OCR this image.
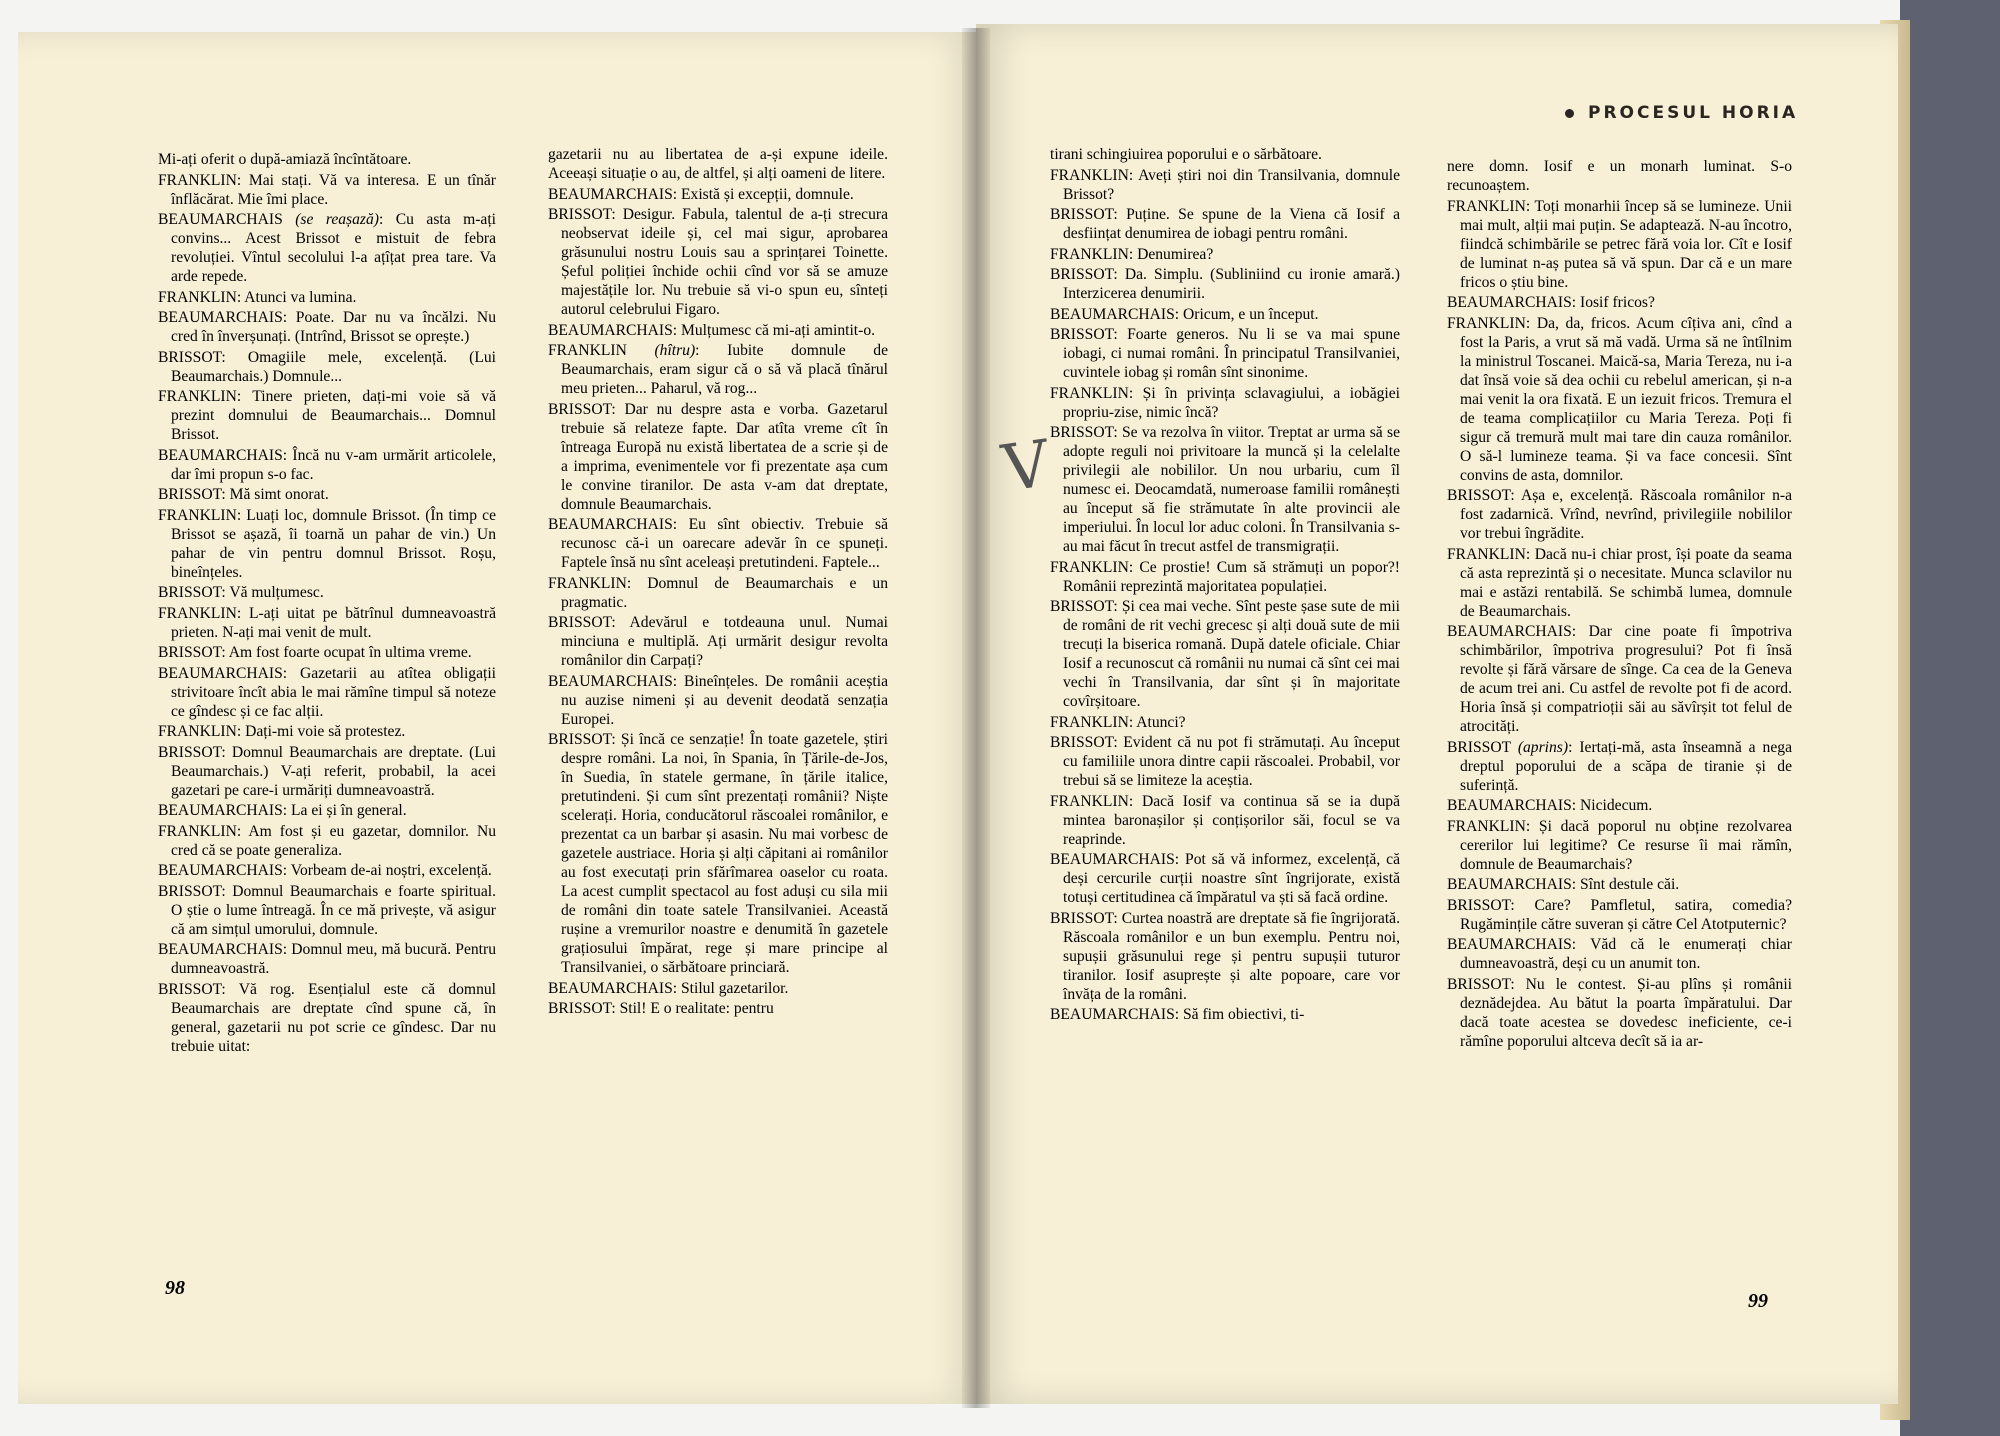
PROCESUL HORIA

Mi-ați oferit o după-amiază încîntătoare.

FRANKLIN: Mai stați. Vă va interesa. E un tînăr înflăcărat. Mie îmi place.

BEAUMARCHAIS (se reașază): Cu asta m-ați convins... Acest Brissot e mistuit de febra revoluției. Vîntul secolului l-a ațîțat prea tare. Va arde repede.

FRANKLIN: Atunci va lumina.

BEAUMARCHAIS: Poate. Dar nu va încălzi. Nu cred în înverșunați. (Intrînd, Brissot se oprește.)

BRISSOT: Omagiile mele, excelență. (Lui Beaumarchais.) Domnule...

FRANKLIN: Tinere prieten, dați-mi voie să vă prezint domnului de Beaumarchais... Domnul Brissot.

BEAUMARCHAIS: Încă nu v-am urmărit articolele, dar îmi propun s-o fac.

BRISSOT: Mă simt onorat.

FRANKLIN: Luați loc, domnule Brissot. (În timp ce Brissot se așază, îi toarnă un pahar de vin.) Un pahar de vin pentru domnul Brissot. Roșu, bineînțeles.

BRISSOT: Vă mulțumesc.

FRANKLIN: L-ați uitat pe bătrînul dumneavoastră prieten. N-ați mai venit de mult.

BRISSOT: Am fost foarte ocupat în ultima vreme.

BEAUMARCHAIS: Gazetarii au atîtea obligații strivitoare încît abia le mai rămîne timpul să noteze ce gîndesc și ce fac alții.

FRANKLIN: Dați-mi voie să protestez.

BRISSOT: Domnul Beaumarchais are dreptate. (Lui Beaumarchais.) V-ați referit, probabil, la acei gazetari pe care-i urmăriți dumneavoastră.

BEAUMARCHAIS: La ei și în general.

FRANKLIN: Am fost și eu gazetar, domnilor. Nu cred că se poate generaliza.

BEAUMARCHAIS: Vorbeam de-ai noștri, excelență.

BRISSOT: Domnul Beaumarchais e foarte spiritual. O știe o lume întreagă. În ce mă privește, vă asigur că am simțul umorului, domnule.

BEAUMARCHAIS: Domnul meu, mă bucură. Pentru dumneavoastră.

BRISSOT: Vă rog. Esențialul este că domnul Beaumarchais are dreptate cînd spune că, în general, gazetarii nu pot scrie ce gîndesc. Dar nu trebuie uitat:

gazetarii nu au libertatea de a-și expune ideile. Aceeași situație o au, de altfel, și alți oameni de litere.

BEAUMARCHAIS: Există și excepții, domnule.

BRISSOT: Desigur. Fabula, talentul de a-ți strecura neobservat ideile și, cel mai sigur, aprobarea grăsunului nostru Louis sau a sprințarei Toinette. Șeful poliției închide ochii cînd vor să se amuze majestățile lor. Nu trebuie să vi-o spun eu, sînteți autorul celebrului Figaro.

BEAUMARCHAIS: Mulțumesc că mi-ați amintit-o.

FRANKLIN (hîtru): Iubite domnule de Beaumarchais, eram sigur că o să vă placă tînărul meu prieten... Paharul, vă rog...

BRISSOT: Dar nu despre asta e vorba. Gazetarul trebuie să relateze fapte. Dar atîta vreme cît în întreaga Europă nu există libertatea de a scrie și de a imprima, evenimentele vor fi prezentate așa cum le convine tiranilor. De asta v-am dat dreptate, domnule Beaumarchais.

BEAUMARCHAIS: Eu sînt obiectiv. Trebuie să recunosc că-i un oarecare adevăr în ce spuneți. Faptele însă nu sînt aceleași pretutindeni. Faptele...

FRANKLIN: Domnul de Beaumarchais e un pragmatic.

BRISSOT: Adevărul e totdeauna unul. Numai minciuna e multiplă. Ați urmărit desigur revolta românilor din Carpați?

BEAUMARCHAIS: Bineînțeles. De românii aceștia nu auzise nimeni și au devenit deodată senzația Europei.

BRISSOT: Și încă ce senzație! În toate gazetele, știri despre români. La noi, în Spania, în Țările-de-Jos, în Suedia, în statele germane, în țările italice, pretutindeni. Și cum sînt prezentați românii? Niște scelerați. Horia, conducătorul răscoalei românilor, e prezentat ca un barbar și asasin. Nu mai vorbesc de gazetele austriace. Horia și alți căpitani ai românilor au fost executați prin sfărîmarea oaselor cu roata. La acest cumplit spectacol au fost aduși cu sila mii de români din toate satele Transilvaniei. Această rușine a vremurilor noastre e denumită în gazetele grațiosului împărat, rege și mare principe al Transilvaniei, o sărbătoare princiară.

BEAUMARCHAIS: Stilul gazetarilor.

BRISSOT: Stil! E o realitate: pentru

tirani schingiuirea poporului e o sărbătoare.

FRANKLIN: Aveți știri noi din Transilvania, domnule Brissot?

BRISSOT: Puține. Se spune de la Viena că Iosif a desființat denumirea de iobagi pentru români.

FRANKLIN: Denumirea?

BRISSOT: Da. Simplu. (Subliniind cu ironie amară.) Interzicerea denumirii.

BEAUMARCHAIS: Oricum, e un început.

BRISSOT: Foarte generos. Nu li se va mai spune iobagi, ci numai români. În principatul Transilvaniei, cuvintele iobag și român sînt sinonime.

FRANKLIN: Și în privința sclavagiului, a iobăgiei propriu-zise, nimic încă?

BRISSOT: Se va rezolva în viitor. Treptat ar urma să se adopte reguli noi privitoare la muncă și la celelalte privilegii ale nobililor. Un nou urbariu, cum îl numesc ei. Deocamdată, numeroase familii românești au început să fie strămutate în alte provincii ale imperiului. În locul lor aduc coloni. În Transilvania s-au mai făcut în trecut astfel de transmigrații.

FRANKLIN: Ce prostie! Cum să strămuți un popor?! Românii reprezintă majoritatea populației.

BRISSOT: Și cea mai veche. Sînt peste șase sute de mii de români de rit vechi grecesc și alți două sute de mii trecuți la biserica romană. După datele oficiale. Chiar Iosif a recunoscut că românii nu numai că sînt cei mai vechi în Transilvania, dar sînt și în majoritate covîrșitoare.

FRANKLIN: Atunci?

BRISSOT: Evident că nu pot fi strămutați. Au început cu familiile unora dintre capii răscoalei. Probabil, vor trebui să se limiteze la aceștia.

FRANKLIN: Dacă Iosif va continua să se ia după mintea baronașilor și conțișorilor săi, focul se va reaprinde.

BEAUMARCHAIS: Pot să vă informez, excelență, că deși cercurile curții noastre sînt îngrijorate, există totuși certitudinea că împăratul va ști să facă ordine.

BRISSOT: Curtea noastră are dreptate să fie îngrijorată. Răscoala românilor e un bun exemplu. Pentru noi, supușii grăsunului rege și pentru supușii tuturor tiranilor. Iosif asuprește și alte popoare, care vor învăța de la români.

BEAUMARCHAIS: Să fim obiectivi, ti-

nere domn. Iosif e un monarh luminat. S-o recunoaștem.

FRANKLIN: Toți monarhii încep să se lumineze. Unii mai mult, alții mai puțin. Se adaptează. N-au încotro, fiindcă schimbările se petrec fără voia lor. Cît e Iosif de luminat n-aș putea să vă spun. Dar că e un mare fricos o știu bine.

BEAUMARCHAIS: Iosif fricos?

FRANKLIN: Da, da, fricos. Acum cîțiva ani, cînd a fost la Paris, a vrut să mă vadă. Urma să ne întîlnim la ministrul Toscanei. Maică-sa, Maria Tereza, nu i-a dat însă voie să dea ochii cu rebelul american, și n-a mai venit la ora fixată. E un iezuit fricos. Tremura el de teama complicațiilor cu Maria Tereza. Poți fi sigur că tremură mult mai tare din cauza românilor. O să-l lumineze teama. Și va face concesii. Sînt convins de asta, domnilor.

BRISSOT: Așa e, excelență. Răscoala românilor n-a fost zadarnică. Vrînd, nevrînd, privilegiile nobililor vor trebui îngrădite.

FRANKLIN: Dacă nu-i chiar prost, își poate da seama că asta reprezintă și o necesitate. Munca sclavilor nu mai e astăzi rentabilă. Se schimbă lumea, domnule de Beaumarchais.

BEAUMARCHAIS: Dar cine poate fi împotriva schimbărilor, împotriva progresului? Pot fi însă revolte și fără vărsare de sînge. Ca cea de la Geneva de acum trei ani. Cu astfel de revolte pot fi de acord. Horia însă și compatrioții săi au săvîrșit tot felul de atrocități.

BRISSOT (aprins): Iertați-mă, asta înseamnă a nega dreptul poporului de a scăpa de tiranie și de suferință.

BEAUMARCHAIS: Nicidecum.

FRANKLIN: Și dacă poporul nu obține rezolvarea cererilor lui legitime? Ce resurse îi mai rămîn, domnule de Beaumarchais?

BEAUMARCHAIS: Sînt destule căi.

BRISSOT: Care? Pamfletul, satira, comedia? Rugămințile către suveran și către Cel Atotputernic?

BEAUMARCHAIS: Văd că le enumerați chiar dumneavoastră, deși cu un anumit ton.

BRISSOT: Nu le contest. Și-au plîns și românii deznădejdea. Au bătut la poarta împăratului. Dar dacă toate acestea se dovedesc ineficiente, ce-i rămîne poporului altceva decît să ia ar-

V
98
99
